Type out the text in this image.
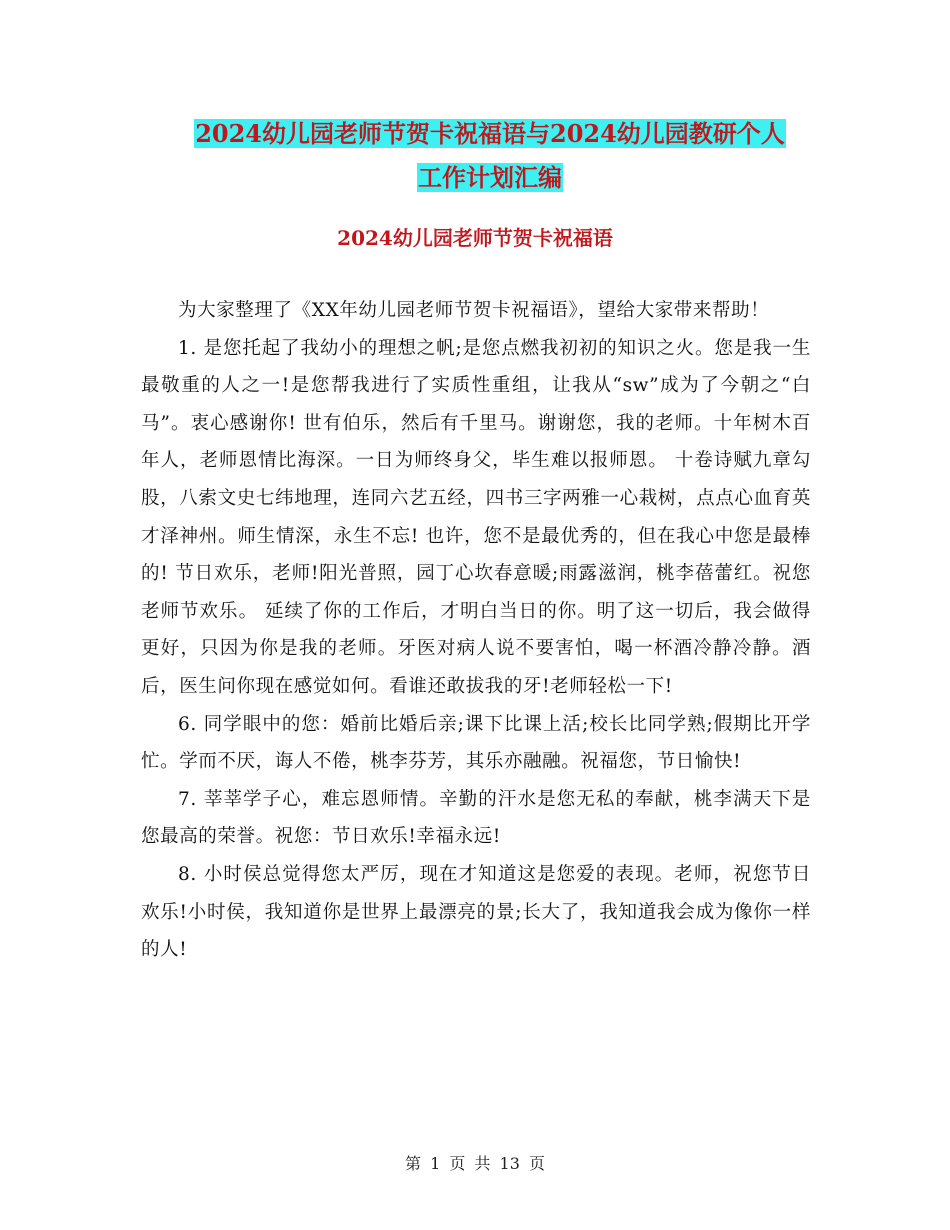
2024幼儿园老师节贺卡祝福语与2024幼儿园教研个人
工作计划汇编
2024幼儿园老师节贺卡祝福语

为大家整理了《XX年幼儿园老师节贺卡祝福语》，望给大家带来帮助！

1. 是您托起了我幼小的理想之帆;是您点燃我初初的知识之火。您是我一生最敬重的人之一!是您帮我进行了实质性重组，让我从“sw”成为了今朝之“白马”。衷心感谢你! 世有伯乐，然后有千里马。谢谢您，我的老师。十年树木百年人，老师恩情比海深。一日为师终身父，毕生难以报师恩。 十卷诗赋九章勾股，八索文史七纬地理，连同六艺五经，四书三字两雅一心栽树，点点心血育英才泽神州。师生情深，永生不忘! 也许，您不是最优秀的，但在我心中您是最棒的! 节日欢乐，老师!阳光普照，园丁心坎春意暖;雨露滋润，桃李蓓蕾红。祝您老师节欢乐。 延续了你的工作后，才明白当日的你。明了这一切后，我会做得更好，只因为你是我的老师。牙医对病人说不要害怕，喝一杯酒冷静冷静。酒后，医生问你现在感觉如何。看谁还敢拔我的牙!老师轻松一下!

6. 同学眼中的您：婚前比婚后亲;课下比课上活;校长比同学熟;假期比开学忙。学而不厌，诲人不倦，桃李芬芳，其乐亦融融。祝福您，节日愉快!

7. 莘莘学子心，难忘恩师情。辛勤的汗水是您无私的奉献，桃李满天下是您最高的荣誉。祝您：节日欢乐!幸福永远!

8. 小时侯总觉得您太严厉，现在才知道这是您爱的表现。老师，祝您节日欢乐!小时侯，我知道你是世界上最漂亮的景;长大了，我知道我会成为像你一样的人!

第 1 页 共 13 页
